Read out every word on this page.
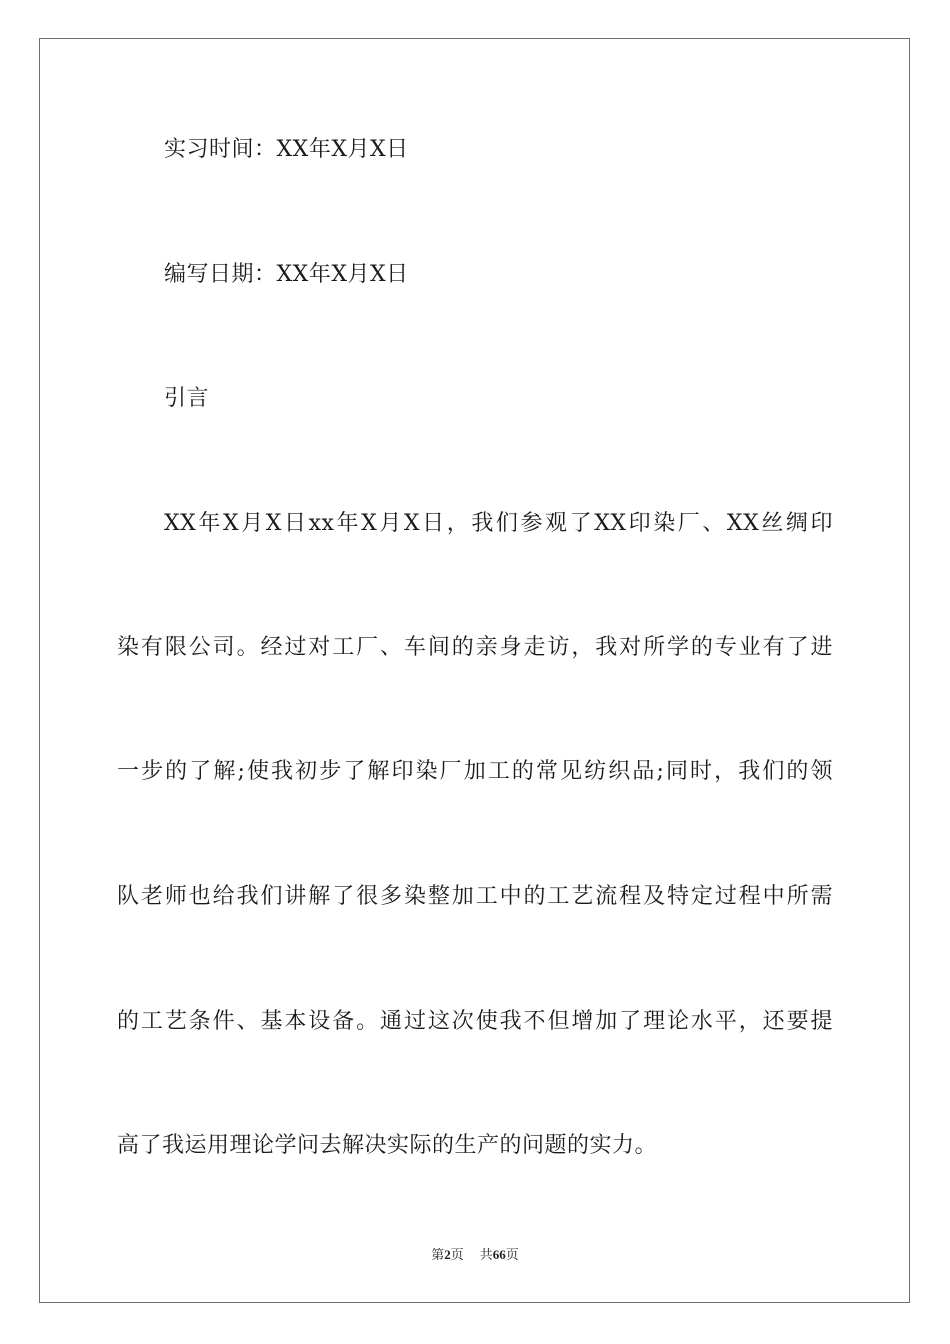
实习时间：XX年X月X日
编写日期：XX年X月X日
引言
XX年X月X日xx年X月X日，我们参观了XX印染厂、XX丝绸印
染有限公司。经过对工厂、车间的亲身走访，我对所学的专业有了进
一步的了解;使我初步了解印染厂加工的常见纺织品;同时，我们的领
队老师也给我们讲解了很多染整加工中的工艺流程及特定过程中所需
的工艺条件、基本设备。通过这次使我不但增加了理论水平，还要提
高了我运用理论学问去解决实际的生产的问题的实力。
第2页 共66页
